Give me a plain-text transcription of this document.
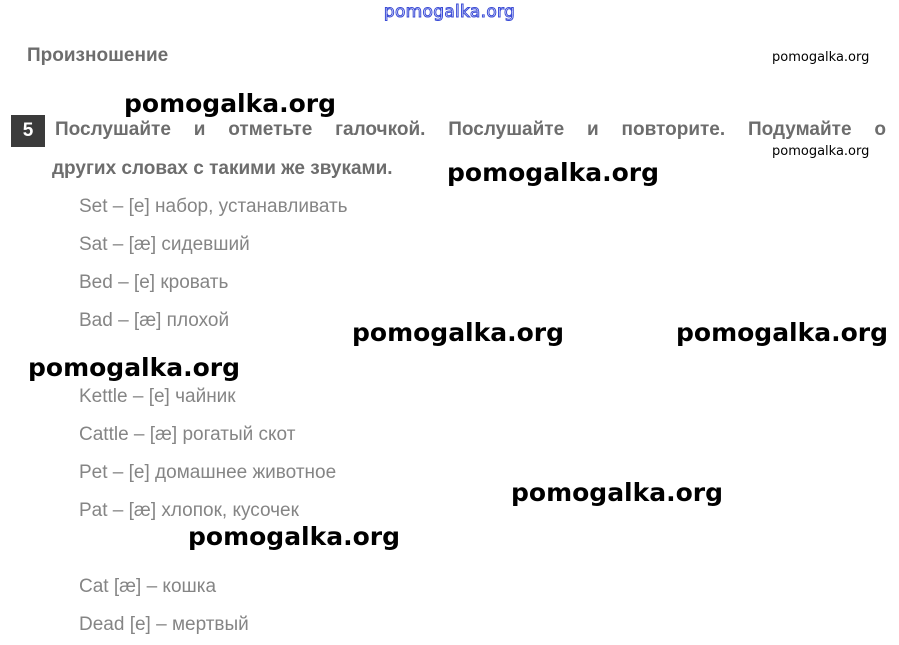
pomogalka.org
Произношение	pomogalka.org
pomogalka.org
5	Послушайте и отметьте галочкой. Послушайте и повторите. Подумайте о
pomogalka.org
других словах с такими же звуками. pomogalka.org
Set – [e] набор, устанавливать
Sat – [æ] сидевший
Bed – [e] кровать
Bad – [æ] плохой	pomogalka.org	pomogalka.org
pomogalka.org
Kettle – [e] чайник
Cattle – [æ] рогатый скот
Pet – [e] домашнее животное
pomogalka.org
Pat – [æ] хлопок, кусочек
pomogalka.org
Cat [æ] – кошка
Dead [e] – мертвый
